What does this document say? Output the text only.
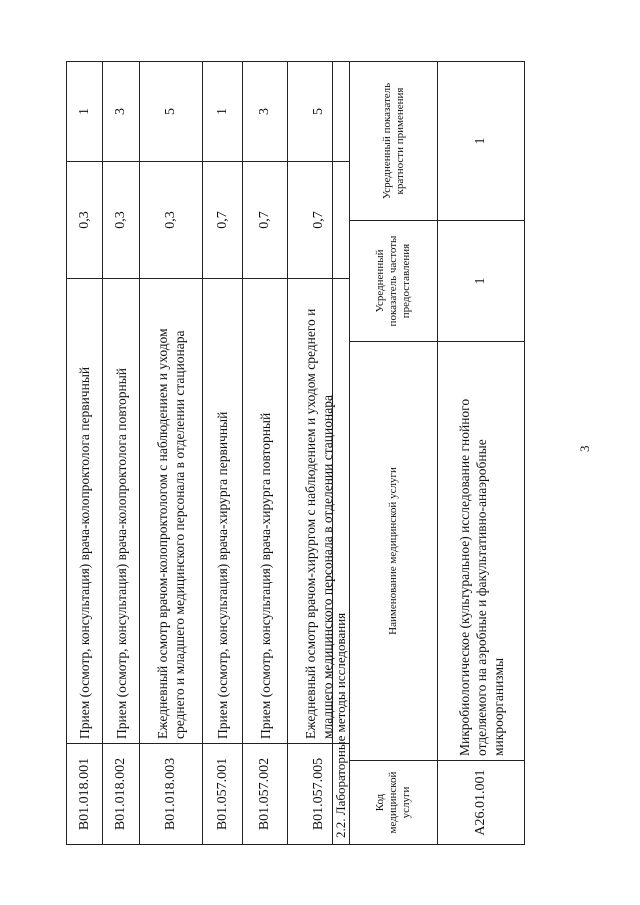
3
B01.018.001	Прием (осмотр, консультация) врача-колопроктолога первичный	0,3	1
B01.018.002	Прием (осмотр, консультация) врача-колопроктолога повторный	0,3	3
B01.018.003	Ежедневный осмотр врачом-колопроктологом с наблюдением и уходом среднего и младшего медицинского персонала в отделении стационара	0,3	5
B01.057.001	Прием (осмотр, консультация) врача-хирурга первичный	0,7	1
B01.057.002	Прием (осмотр, консультация) врача-хирурга повторный	0,7	3
B01.057.005	Ежедневный осмотр врачом-хирургом с наблюдением и уходом среднего и младшего медицинского персонала в отделении стационара	0,7	5
2.2. Лабораторные методы исследования			
Код медицинской услуги	Наименование медицинской услуги	Усредненный показатель частоты предоставления	Усредненный показатель кратности применения
A26.01.001	Микробиологическое (культуральное) исследование гнойного отделяемого на аэробные и факультативно-анаэробные микроорганизмы	1	1
